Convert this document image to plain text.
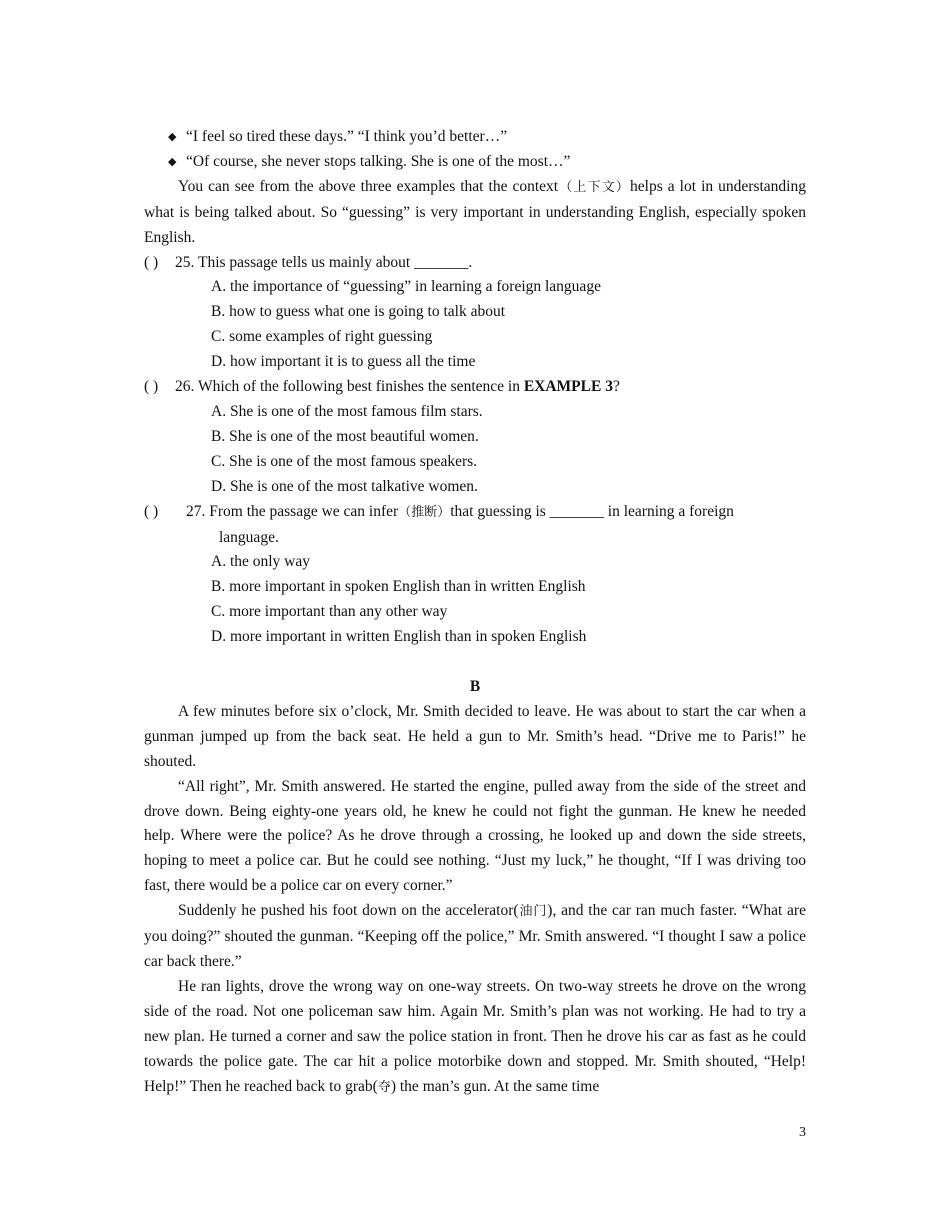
◆ “I feel so tired these days.” “I think you’d better…”
◆ “Of course, she never stops talking. She is one of the most…”
You can see from the above three examples that the context（上下文）helps a lot in understanding what is being talked about. So “guessing” is very important in understanding English, especially spoken English.
( )	25. This passage tells us mainly about _______.
A. the importance of “guessing” in learning a foreign language
B. how to guess what one is going to talk about
C. some examples of right guessing
D. how important it is to guess all the time
( )	26. Which of the following best finishes the sentence in EXAMPLE 3?
A. She is one of the most famous film stars.
B. She is one of the most beautiful women.
C. She is one of the most famous speakers.
D. She is one of the most talkative women.
( )	27. From the passage we can infer（推断）that guessing is _______ in learning a foreign
language.
A. the only way
B. more important in spoken English than in written English
C. more important than any other way
D. more important in written English than in spoken English
B
A few minutes before six o’clock, Mr. Smith decided to leave. He was about to start the car when a gunman jumped up from the back seat. He held a gun to Mr. Smith’s head. “Drive me to Paris!” he shouted.
“All right”, Mr. Smith answered. He started the engine, pulled away from the side of the street and drove down. Being eighty-one years old, he knew he could not fight the gunman. He knew he needed help. Where were the police? As he drove through a crossing, he looked up and down the side streets, hoping to meet a police car. But he could see nothing. “Just my luck,” he thought, “If I was driving too fast, there would be a police car on every corner.”
Suddenly he pushed his foot down on the accelerator(油门), and the car ran much faster. “What are you doing?” shouted the gunman. “Keeping off the police,” Mr. Smith answered. “I thought I saw a police car back there.”
He ran lights, drove the wrong way on one-way streets. On two-way streets he drove on the wrong side of the road. Not one policeman saw him. Again Mr. Smith’s plan was not working. He had to try a new plan. He turned a corner and saw the police station in front. Then he drove his car as fast as he could towards the police gate. The car hit a police motorbike down and stopped. Mr. Smith shouted, “Help! Help!” Then he reached back to grab(夺) the man’s gun. At the same time
3
